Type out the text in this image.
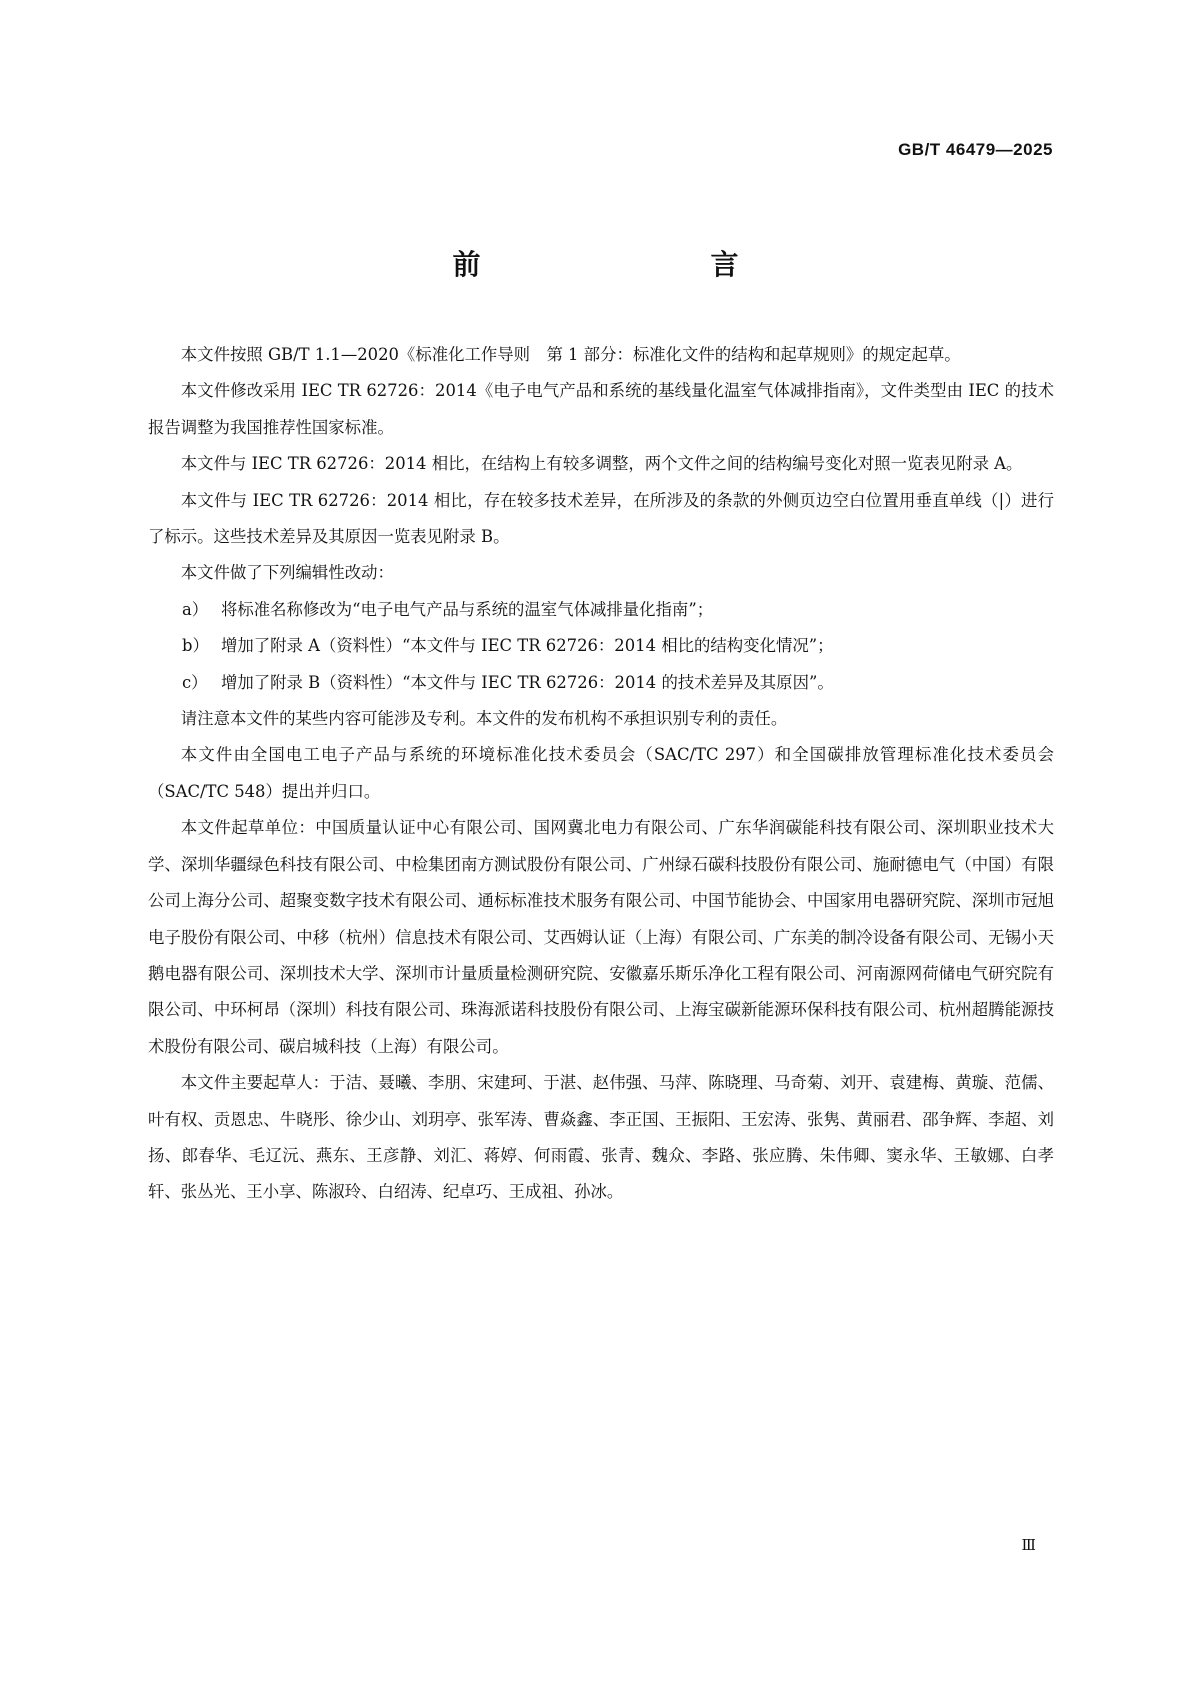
GB/T 46479—2025
前　　言

本文件按照 GB/T 1.1—2020《标准化工作导则　第 1 部分：标准化文件的结构和起草规则》的规定起草。

本文件修改采用 IEC TR 62726：2014《电子电气产品和系统的基线量化温室气体减排指南》，文件类型由 IEC 的技术报告调整为我国推荐性国家标准。

本文件与 IEC TR 62726：2014 相比，在结构上有较多调整，两个文件之间的结构编号变化对照一览表见附录 A。

本文件与 IEC TR 62726：2014 相比，存在较多技术差异，在所涉及的条款的外侧页边空白位置用垂直单线（|）进行了标示。这些技术差异及其原因一览表见附录 B。

本文件做了下列编辑性改动：

a） 将标准名称修改为“电子电气产品与系统的温室气体减排量化指南”；

b） 增加了附录 A（资料性）“本文件与 IEC TR 62726：2014 相比的结构变化情况”；

c） 增加了附录 B（资料性）“本文件与 IEC TR 62726：2014 的技术差异及其原因”。

请注意本文件的某些内容可能涉及专利。本文件的发布机构不承担识别专利的责任。

本文件由全国电工电子产品与系统的环境标准化技术委员会（SAC/TC 297）和全国碳排放管理标准化技术委员会（SAC/TC 548）提出并归口。

本文件起草单位：中国质量认证中心有限公司、国网冀北电力有限公司、广东华润碳能科技有限公司、深圳职业技术大学、深圳华疆绿色科技有限公司、中检集团南方测试股份有限公司、广州绿石碳科技股份有限公司、施耐德电气（中国）有限公司上海分公司、超聚变数字技术有限公司、通标标准技术服务有限公司、中国节能协会、中国家用电器研究院、深圳市冠旭电子股份有限公司、中移（杭州）信息技术有限公司、艾西姆认证（上海）有限公司、广东美的制冷设备有限公司、无锡小天鹅电器有限公司、深圳技术大学、深圳市计量质量检测研究院、安徽嘉乐斯乐净化工程有限公司、河南源网荷储电气研究院有限公司、中环柯昂（深圳）科技有限公司、珠海派诺科技股份有限公司、上海宝碳新能源环保科技有限公司、杭州超腾能源技术股份有限公司、碳启城科技（上海）有限公司。

本文件主要起草人：于洁、聂曦、李朋、宋建珂、于湛、赵伟强、马萍、陈晓理、马奇菊、刘开、袁建梅、黄璇、范儒、叶有权、贡恩忠、牛晓彤、徐少山、刘玥亭、张军涛、曹焱鑫、李正国、王振阳、王宏涛、张隽、黄丽君、邵争辉、李超、刘扬、郎春华、毛辽沅、燕东、王彦静、刘汇、蒋婷、何雨霞、张青、魏众、李路、张应腾、朱伟卿、窦永华、王敏娜、白孝轩、张丛光、王小享、陈淑玲、白绍涛、纪卓巧、王成祖、孙冰。

Ⅲ
